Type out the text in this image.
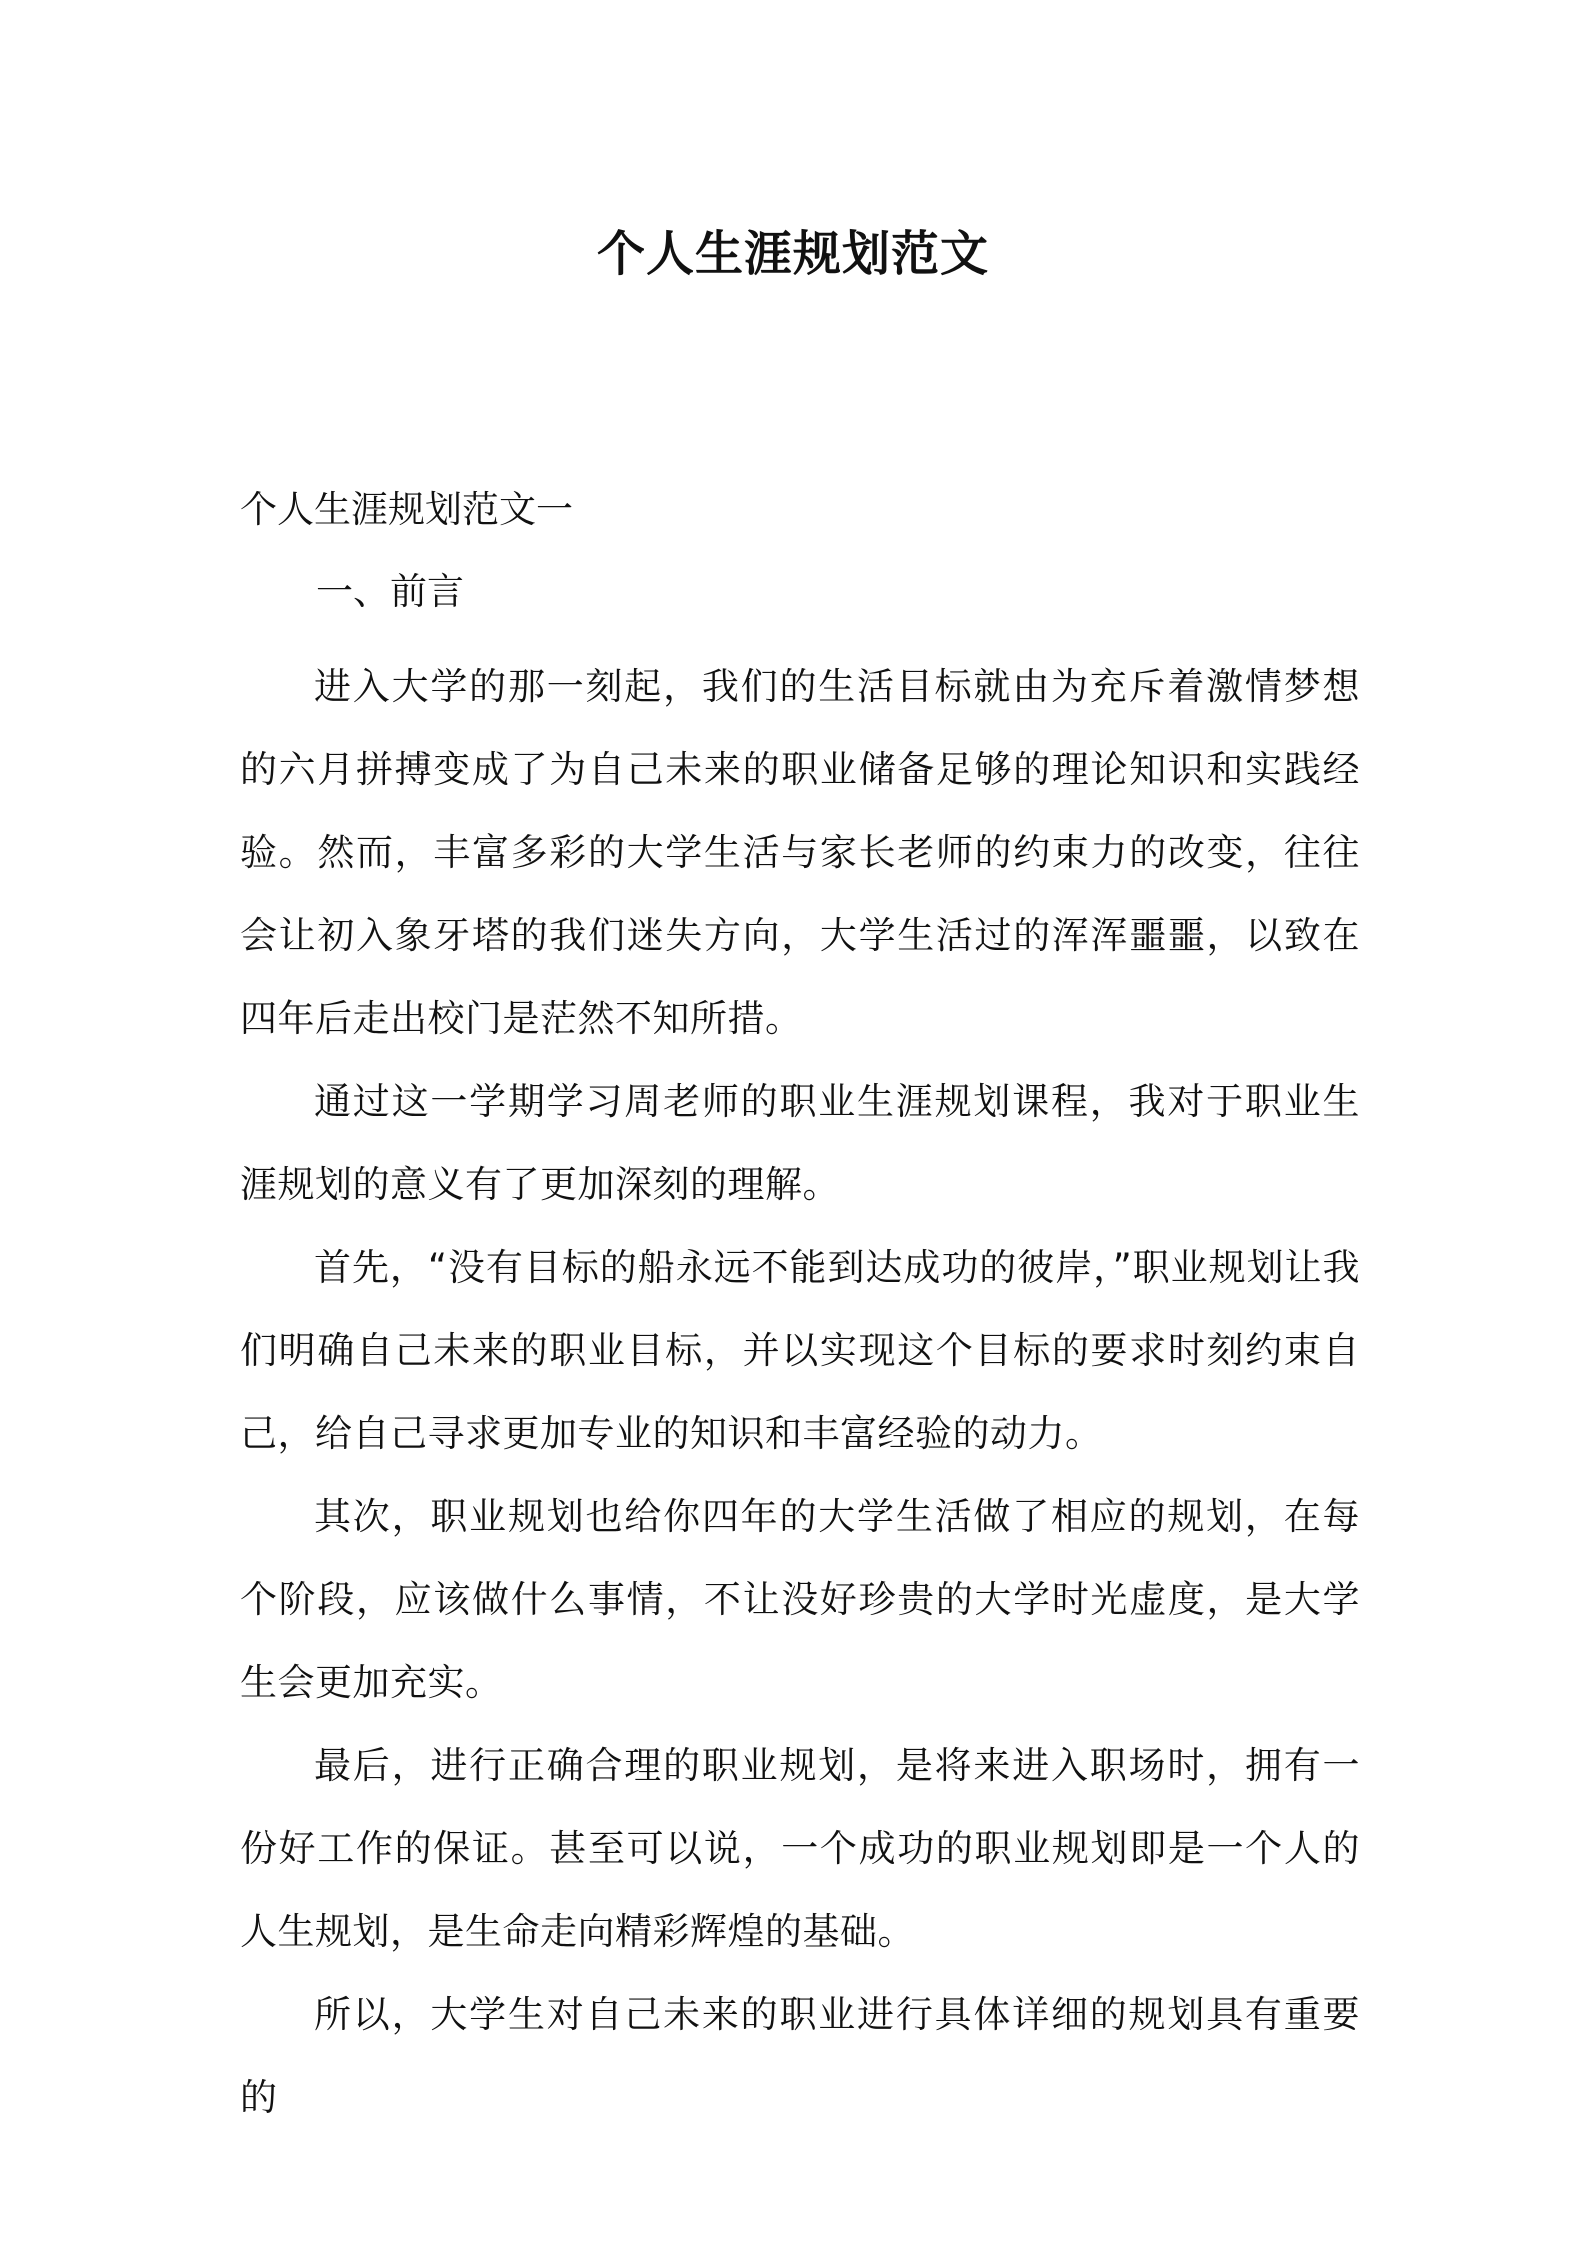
个人生涯规划范文
个人生涯规划范文一
一、前言

进入大学的那一刻起，我们的生活目标就由为充斥着激情梦想的六月拼搏变成了为自己未来的职业储备足够的理论知识和实践经验。然而，丰富多彩的大学生活与家长老师的约束力的改变，往往会让初入象牙塔的我们迷失方向，大学生活过的浑浑噩噩，以致在四年后走出校门是茫然不知所措。

通过这一学期学习周老师的职业生涯规划课程，我对于职业生涯规划的意义有了更加深刻的理解。

首先，“没有目标的船永远不能到达成功的彼岸，”职业规划让我们明确自己未来的职业目标，并以实现这个目标的要求时刻约束自己，给自己寻求更加专业的知识和丰富经验的动力。

其次，职业规划也给你四年的大学生活做了相应的规划，在每个阶段，应该做什么事情，不让没好珍贵的大学时光虚度，是大学生会更加充实。

最后，进行正确合理的职业规划，是将来进入职场时，拥有一份好工作的保证。甚至可以说，一个成功的职业规划即是一个人的人生规划，是生命走向精彩辉煌的基础。

所以，大学生对自己未来的职业进行具体详细的规划具有重要的
